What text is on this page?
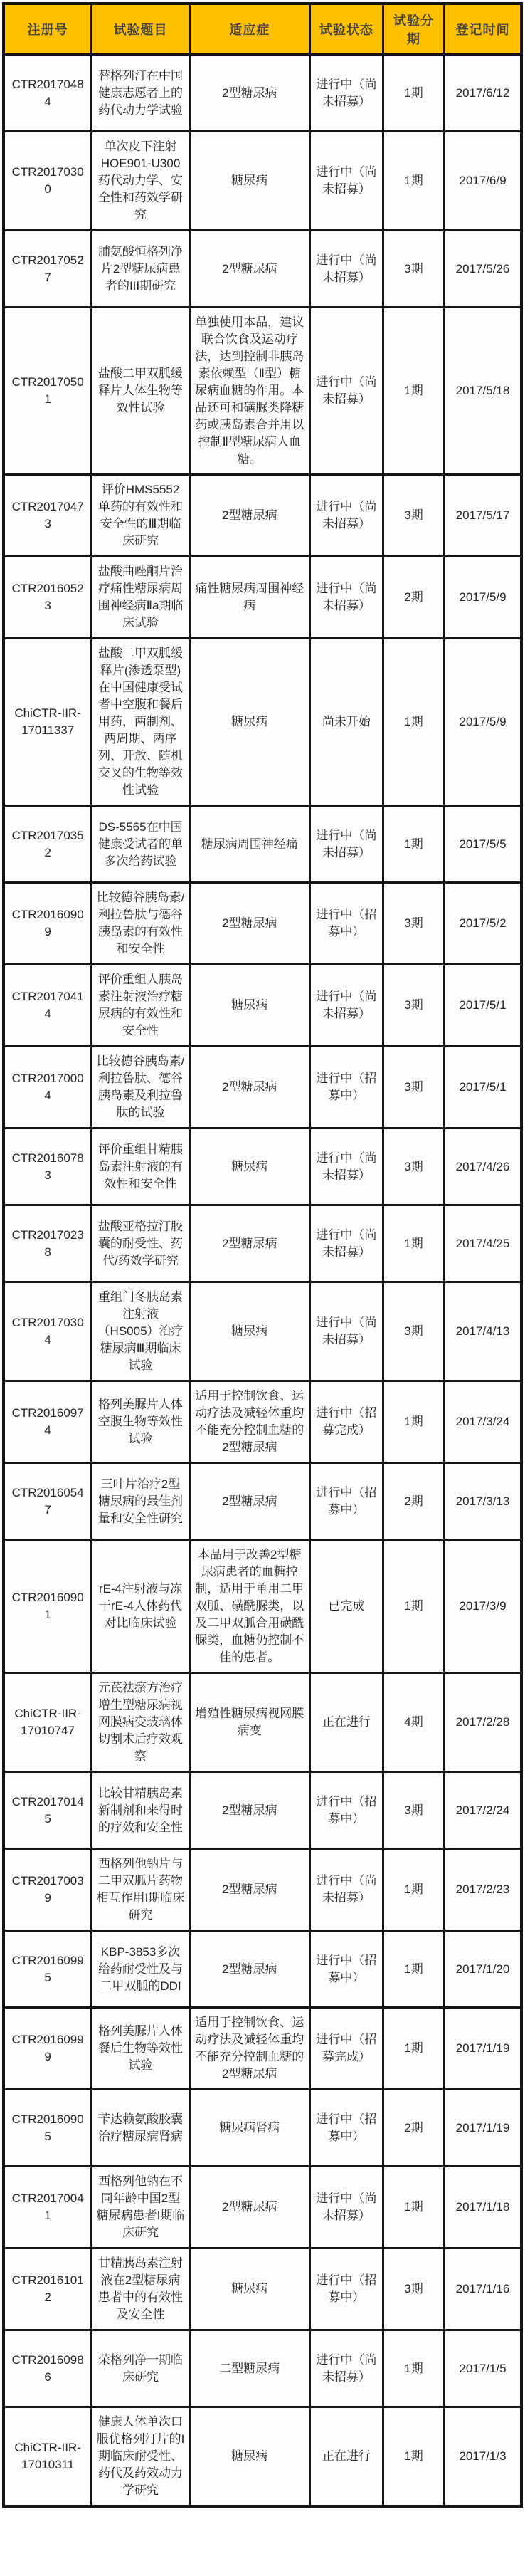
注册号	试验题目	适应症	试验状态	试验分期	登记时间
CTR20170484	替格列汀在中国健康志愿者上的药代动力学试验	2型糖尿病	进行中（尚未招募）	1期	2017/6/12
CTR20170300	单次皮下注射HOE901-U300药代动力学、安全性和药效学研究	糖尿病	进行中（尚未招募）	1期	2017/6/9
CTR20170527	脯氨酸恒格列净片2型糖尿病患者的III期研究	2型糖尿病	进行中（尚未招募）	3期	2017/5/26
CTR20170501	盐酸二甲双胍缓释片人体生物等效性试验	单独使用本品，建议联合饮食及运动疗法，达到控制非胰岛素依赖型（Ⅱ型）糖尿病血糖的作用。本品还可和磺脲类降糖药或胰岛素合并用以控制Ⅱ型糖尿病人血糖。	进行中（尚未招募）	1期	2017/5/18
CTR20170473	评价HMS5552单药的有效性和安全性的Ⅲ期临床研究	2型糖尿病	进行中（尚未招募）	3期	2017/5/17
CTR20160523	盐酸曲唑酮片治疗痛性糖尿病周围神经病Ⅱa期临床试验	痛性糖尿病周围神经病	进行中（尚未招募）	2期	2017/5/9
ChiCTR-IIR-17011337	盐酸二甲双胍缓释片(渗透泵型)在中国健康受试者中空腹和餐后用药，两制剂、两周期、两序列、开放、随机交叉的生物等效性试验	糖尿病	尚未开始	1期	2017/5/9
CTR20170352	DS-5565在中国健康受试者的单多次给药试验	糖尿病周围神经痛	进行中（尚未招募）	1期	2017/5/5
CTR20160909	比较德谷胰岛素/利拉鲁肽与德谷胰岛素的有效性和安全性	2型糖尿病	进行中（招募中）	3期	2017/5/2
CTR20170414	评价重组人胰岛素注射液治疗糖尿病的有效性和安全性	糖尿病	进行中（尚未招募）	3期	2017/5/1
CTR20170004	比较德谷胰岛素/利拉鲁肽、德谷胰岛素及利拉鲁肽的试验	2型糖尿病	进行中（招募中）	3期	2017/5/1
CTR20160783	评价重组甘精胰岛素注射液的有效性和安全性	糖尿病	进行中（尚未招募）	3期	2017/4/26
CTR20170238	盐酸亚格拉汀胶囊的耐受性、药代/药效学研究	2型糖尿病	进行中（尚未招募）	1期	2017/4/25
CTR20170304	重组门冬胰岛素注射液（HS005）治疗糖尿病Ⅲ期临床试验	糖尿病	进行中（尚未招募）	3期	2017/4/13
CTR20160974	格列美脲片人体空腹生物等效性试验	适用于控制饮食、运动疗法及减轻体重均不能充分控制血糖的2型糖尿病	进行中（招募完成）	1期	2017/3/24
CTR20160547	三叶片治疗2型糖尿病的最佳剂量和安全性研究	2型糖尿病	进行中（招募中）	2期	2017/3/13
CTR20160901	rE-4注射液与冻干rE-4人体药代对比临床试验	本品用于改善2型糖尿病患者的血糖控制，适用于单用二甲双胍、磺酰脲类，以及二甲双胍合用磺酰脲类，血糖仍控制不佳的患者。	已完成	1期	2017/3/9
ChiCTR-IIR-17010747	元芪祛瘀方治疗增生型糖尿病视网膜病变玻璃体切割术后疗效观察	增殖性糖尿病视网膜病变	正在进行	4期	2017/2/28
CTR20170145	比较甘精胰岛素新制剂和来得时的疗效和安全性	2型糖尿病	进行中（招募中）	3期	2017/2/24
CTR20170039	西格列他钠片与二甲双胍片药物相互作用I期临床研究	2型糖尿病	进行中（尚未招募）	1期	2017/2/23
CTR20160995	KBP-3853多次给药耐受性及与二甲双胍的DDI	2型糖尿病	进行中（招募中）	1期	2017/1/20
CTR20160999	格列美脲片人体餐后生物等效性试验	适用于控制饮食、运动疗法及减轻体重均不能充分控制血糖的2型糖尿病	进行中（招募完成）	1期	2017/1/19
CTR20160905	苄达赖氨酸胶囊治疗糖尿病肾病	糖尿病肾病	进行中（招募中）	2期	2017/1/19
CTR20170041	西格列他钠在不同年龄中国2型糖尿病患者I期临床研究	2型糖尿病	进行中（尚未招募）	1期	2017/1/18
CTR20161012	甘精胰岛素注射液在2型糖尿病患者中的有效性及安全性	糖尿病	进行中（招募中）	3期	2017/1/16
CTR20160986	荣格列净一期临床研究	二型糖尿病	进行中（尚未招募）	1期	2017/1/5
ChiCTR-IIR-17010311	健康人体单次口服优格列汀片的I期临床耐受性、药代及药效动力学研究	糖尿病	正在进行	1期	2017/1/3
